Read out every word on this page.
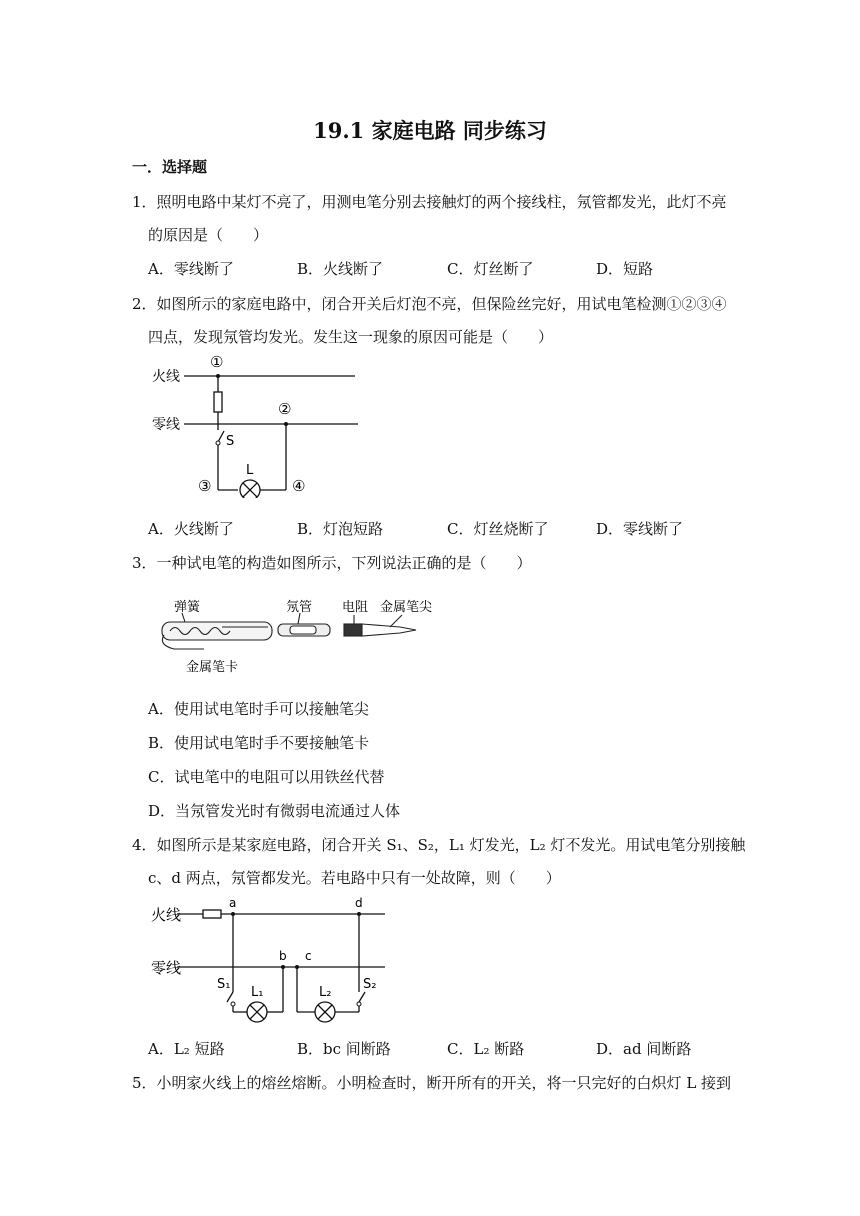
19.1 家庭电路 同步练习
一．选择题
1．照明电路中某灯不亮了，用测电笔分别去接触灯的两个接线柱，氖管都发光，此灯不亮
的原因是（　　）
A．零线断了	B．火线断了	C．灯丝断了	D．短路
2．如图所示的家庭电路中，闭合开关后灯泡不亮，但保险丝完好，用试电笔检测①②③④
四点，发现氖管均发光。发生这一现象的原因可能是（　　）
火线
零线
①
②
③	④
S
L
A．火线断了	B．灯泡短路	C．灯丝烧断了	D．零线断了
3．一种试电笔的构造如图所示，下列说法正确的是（　　）
弹簧	氖管 电阻 金属笔尖
金属笔卡
A．使用试电笔时手可以接触笔尖
B．使用试电笔时手不要接触笔卡
C．试电笔中的电阻可以用铁丝代替
D．当氖管发光时有微弱电流通过人体
4．如图所示是某家庭电路，闭合开关 S₁、S₂，L₁ 灯发光，L₂ 灯不发光。用试电笔分别接触
c、d 两点，氖管都发光。若电路中只有一处故障，则（　　）
火线
零线
a	d
b c
S₁	S₂
L₁	L₂
A．L₂ 短路	B．bc 间断路	C．L₂ 断路	D．ad 间断路
5．小明家火线上的熔丝熔断。小明检查时，断开所有的开关，将一只完好的白炽灯 L 接到
